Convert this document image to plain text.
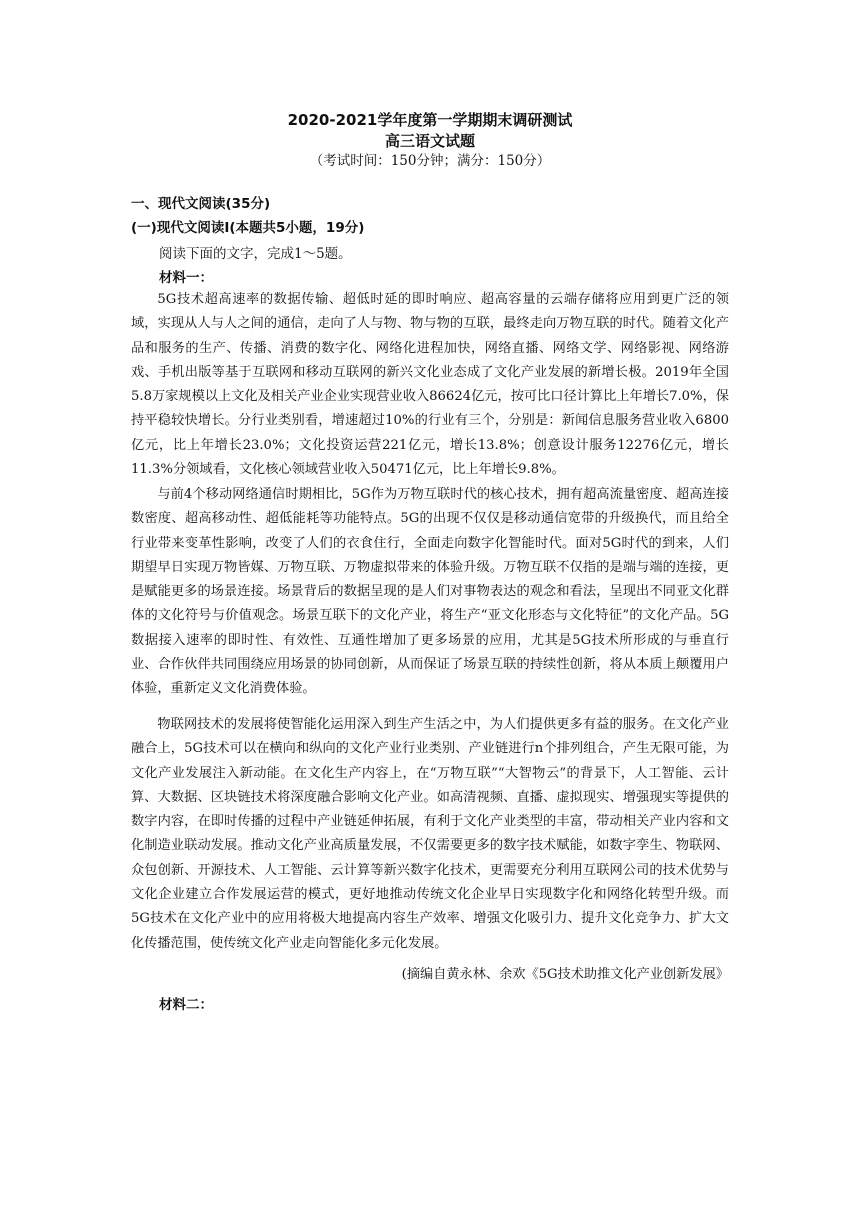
2020-2021学年度第一学期期末调研测试
高三语文试题
（考试时间：150分钟；满分：150分）
一、现代文阅读(35分)
(一)现代文阅读Ⅰ(本题共5小题，19分)
阅读下面的文字，完成1～5题。
材料一：

5G技术超高速率的数据传输、超低时延的即时响应、超高容量的云端存储将应用到更广泛的领域，实现从人与人之间的通信，走向了人与物、物与物的互联，最终走向万物互联的时代。随着文化产品和服务的生产、传播、消费的数字化、网络化进程加快，网络直播、网络文学、网络影视、网络游戏、手机出版等基于互联网和移动互联网的新兴文化业态成了文化产业发展的新增长极。2019年全国5.8万家规模以上文化及相关产业企业实现营业收入86624亿元，按可比口径计算比上年增长7.0%，保持平稳较快增长。分行业类别看，增速超过10%的行业有三个，分别是：新闻信息服务营业收入6800亿元，比上年增长23.0%；文化投资运营221亿元，增长13.8%；创意设计服务12276亿元，增长11.3%分领域看，文化核心领域营业收入50471亿元，比上年增长9.8%。

与前4个移动网络通信时期相比，5G作为万物互联时代的核心技术，拥有超高流量密度、超高连接数密度、超高移动性、超低能耗等功能特点。5G的出现不仅仅是移动通信宽带的升级换代，而且给全行业带来变革性影响，改变了人们的衣食住行，全面走向数字化智能时代。面对5G时代的到来，人们期望早日实现万物皆媒、万物互联、万物虚拟带来的体验升级。万物互联不仅指的是端与端的连接，更是赋能更多的场景连接。场景背后的数据呈现的是人们对事物表达的观念和看法，呈现出不同亚文化群体的文化符号与价值观念。场景互联下的文化产业，将生产“亚文化形态与文化特征”的文化产品。5G数据接入速率的即时性、有效性、互通性增加了更多场景的应用，尤其是5G技术所形成的与垂直行业、合作伙伴共同围绕应用场景的协同创新，从而保证了场景互联的持续性创新，将从本质上颠覆用户体验，重新定义文化消费体验。

物联网技术的发展将使智能化运用深入到生产生活之中，为人们提供更多有益的服务。在文化产业融合上，5G技术可以在横向和纵向的文化产业行业类别、产业链进行n个排列组合，产生无限可能，为文化产业发展注入新动能。在文化生产内容上，在“万物互联”“大智物云”的背景下，人工智能、云计算、大数据、区块链技术将深度融合影响文化产业。如高清视频、直播、虚拟现实、增强现实等提供的数字内容，在即时传播的过程中产业链延伸拓展，有利于文化产业类型的丰富，带动相关产业内容和文化制造业联动发展。推动文化产业高质量发展，不仅需要更多的数字技术赋能，如数字孪生、物联网、众包创新、开源技术、人工智能、云计算等新兴数字化技术，更需要充分利用互联网公司的技术优势与文化企业建立合作发展运营的模式，更好地推动传统文化企业早日实现数字化和网络化转型升级。而5G技术在文化产业中的应用将极大地提高内容生产效率、增强文化吸引力、提升文化竞争力、扩大文化传播范围，使传统文化产业走向智能化多元化发展。

(摘编自黄永林、余欢《5G技术助推文化产业创新发展》
材料二：
